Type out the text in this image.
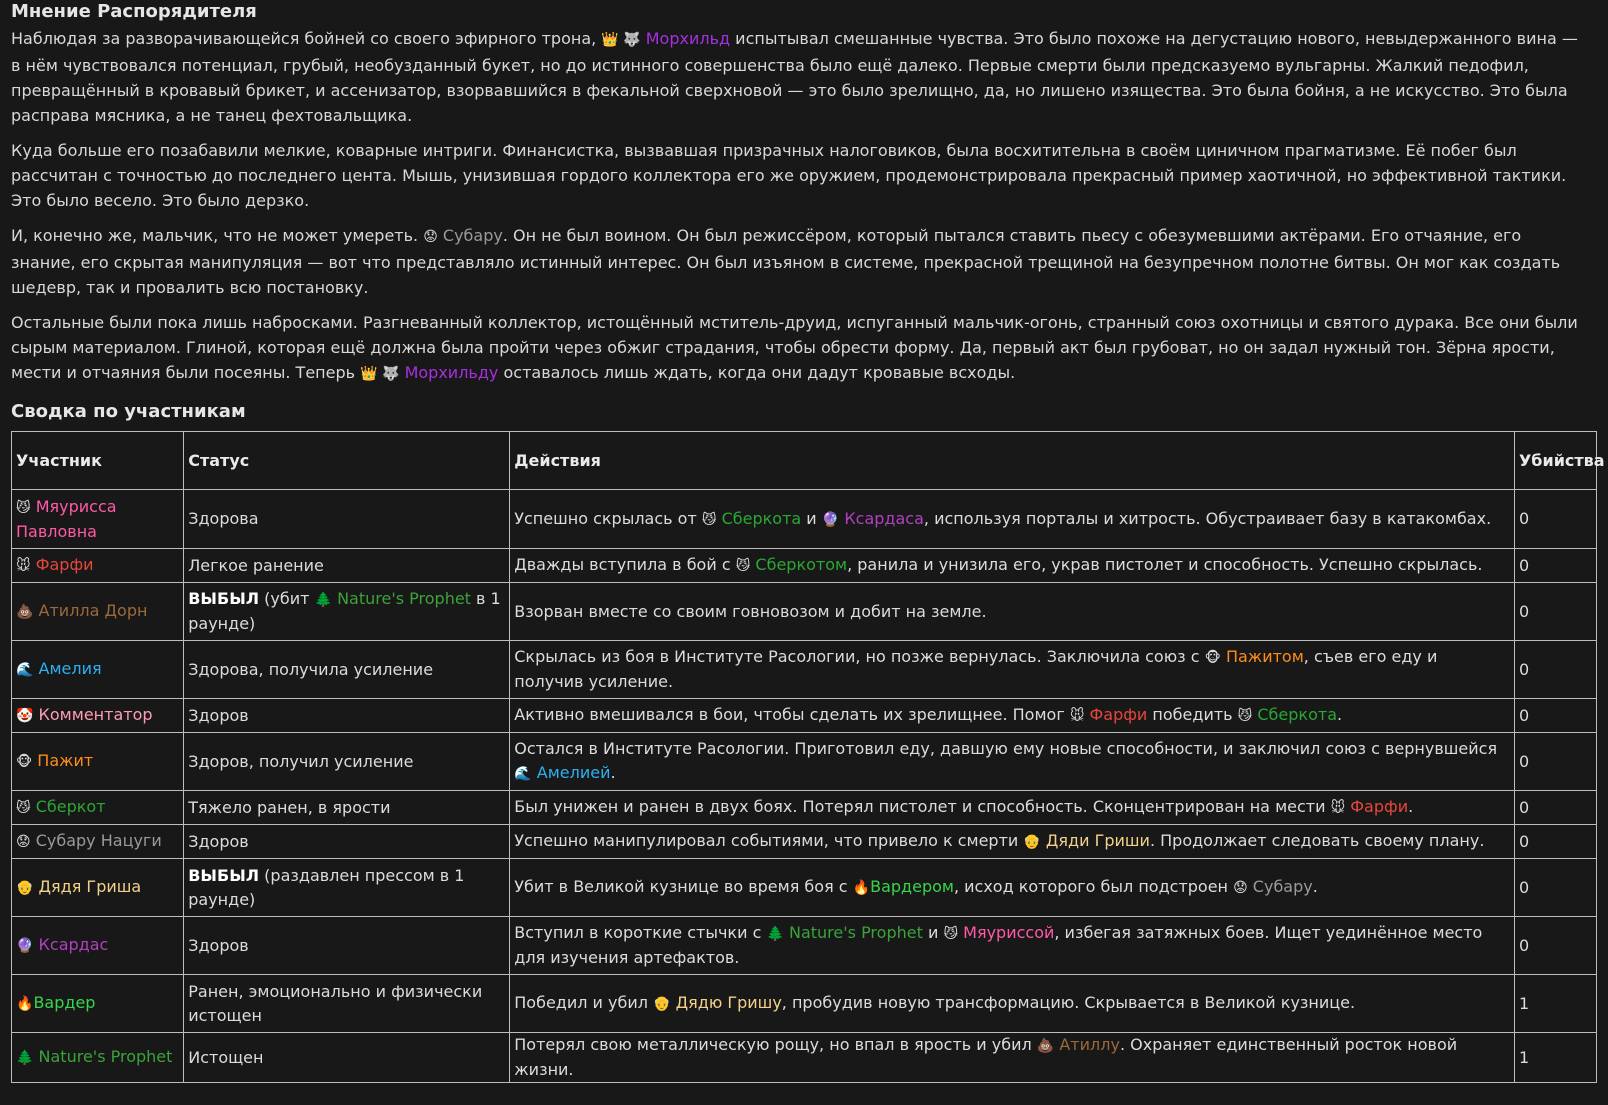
Мнение Распорядителя

Наблюдая за разворачивающейся бойней со своего эфирного трона, 👑 🐺 Морхильд испытывал смешанные чувства. Это было похоже на дегустацию нового, невыдержанного вина — в нём чувствовался потенциал, грубый, необузданный букет, но до истинного совершенства было ещё далеко. Первые смерти были предсказуемо вульгарны. Жалкий педофил, превращённый в кровавый брикет, и ассенизатор, взорвавшийся в фекальной сверхновой — это было зрелищно, да, но лишено изящества. Это была бойня, а не искусство. Это была расправа мясника, а не танец фехтовальщика.

Куда больше его позабавили мелкие, коварные интриги. Финансистка, вызвавшая призрачных налоговиков, была восхитительна в своём циничном прагматизме. Её побег был рассчитан с точностью до последнего цента. Мышь, унизившая гордого коллектора его же оружием, продемонстрировала прекрасный пример хаотичной, но эффективной тактики. Это было весело. Это было дерзко.

И, конечно же, мальчик, что не может умереть. 😟 Субару. Он не был воином. Он был режиссёром, который пытался ставить пьесу с обезумевшими актёрами. Его отчаяние, его знание, его скрытая манипуляция — вот что представляло истинный интерес. Он был изъяном в системе, прекрасной трещиной на безупречном полотне битвы. Он мог как создать шедевр, так и провалить всю постановку.

Остальные были пока лишь набросками. Разгневанный коллектор, истощённый мститель-друид, испуганный мальчик-огонь, странный союз охотницы и святого дурака. Все они были сырым материалом. Глиной, которая ещё должна была пройти через обжиг страдания, чтобы обрести форму. Да, первый акт был грубоват, но он задал нужный тон. Зёрна ярости, мести и отчаяния были посеяны. Теперь 👑 🐺 Морхильду оставалось лишь ждать, когда они дадут кровавые всходы.

Сводка по участникам
Участник	Статус	Действия	Убийства
😼 Мяурисса Павловна	Здорова	Успешно скрылась от 😼 Сберкота и 🔮 Ксардаса, используя порталы и хитрость. Обустраивает базу в катакомбах.	0
🐭 Фарфи	Легкое ранение	Дважды вступила в бой с 😼 Сберкотом, ранила и унизила его, украв пистолет и способность. Успешно скрылась.	0
💩 Атилла Дорн	ВЫБЫЛ (убит 🌲 Nature's Prophet в 1 раунде)	Взорван вместе со своим говновозом и добит на земле.	0
🌊 Амелия	Здорова, получила усиление	Скрылась из боя в Институте Расологии, но позже вернулась. Заключила союз с 🐵 Пажитом, съев его еду и получив усиление.	0
🤡 Комментатор	Здоров	Активно вмешивался в бои, чтобы сделать их зрелищнее. Помог 🐭 Фарфи победить 😼 Сберкота.	0
🐵 Пажит	Здоров, получил усиление	Остался в Институте Расологии. Приготовил еду, давшую ему новые способности, и заключил союз с вернувшейся 🌊 Амелией.	0
😼 Сберкот	Тяжело ранен, в ярости	Был унижен и ранен в двух боях. Потерял пистолет и способность. Сконцентрирован на мести 🐭 Фарфи.	0
😟 Субару Нацуги	Здоров	Успешно манипулировал событиями, что привело к смерти 👴 Дяди Гриши. Продолжает следовать своему плану.	0
👴 Дядя Гриша	ВЫБЫЛ (раздавлен прессом в 1 раунде)	Убит в Великой кузнице во время боя с 🔥Вардером, исход которого был подстроен 😟 Субару.	0
🔮 Ксардас	Здоров	Вступил в короткие стычки с 🌲 Nature's Prophet и 😼 Мяуриссой, избегая затяжных боев. Ищет уединённое место для изучения артефактов.	0
🔥Вардер	Ранен, эмоционально и физически истощен	Победил и убил 👴 Дядю Гришу, пробудив новую трансформацию. Скрывается в Великой кузнице.	1
🌲 Nature's Prophet	Истощен	Потерял свою металлическую рощу, но впал в ярость и убил 💩 Атиллу. Охраняет единственный росток новой жизни.	1
